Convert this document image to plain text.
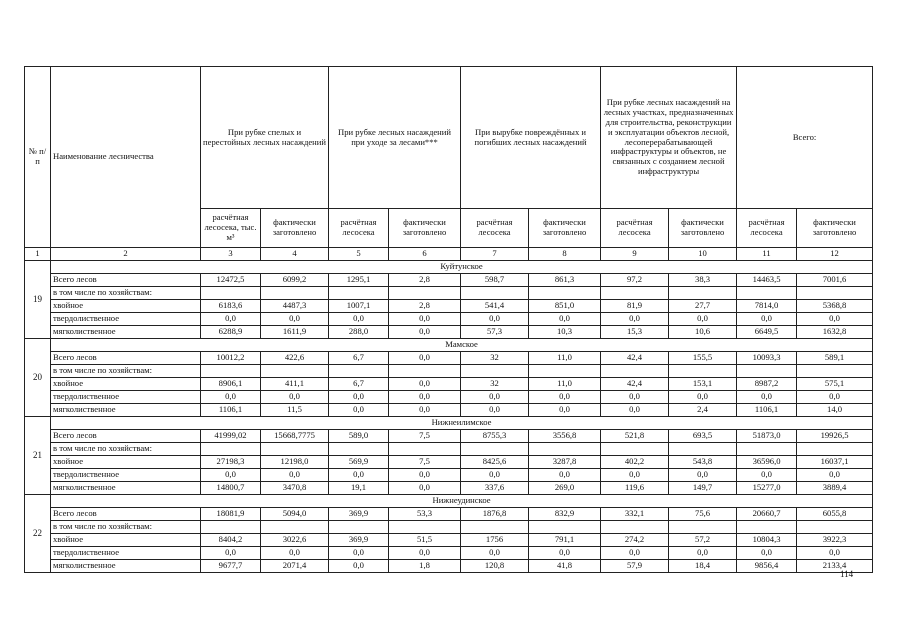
№ п/п	Наименование лесничества	При рубке спелых и перестойных лесных насаждений		При рубке лесных насаждений при уходе за лесами***		При вырубке повреждённых и погибших лесных насаждений		При рубке лесных насаждений на лесных участках, предназначенных для строительства, реконструкции и эксплуатации объектов лесной, лесоперерабатывающей инфраструктуры и объектов, не связанных с созданием лесной инфраструктуры		Всего:	
		расчётная лесосека, тыс. м³	фактически заготовлено	расчётная лесосека	фактически заготовлено	расчётная лесосека	фактически заготовлено	расчётная лесосека	фактически заготовлено	расчётная лесосека	фактически заготовлено
1	2	3	4	5	6	7	8	9	10	11	12
19	Куйтунское										
	Всего лесов	12472,5	6099,2	1295,1	2,8	598,7	861,3	97,2	38,3	14463,5	7001,6
	в том числе по хозяйствам:										
	хвойное	6183,6	4487,3	1007,1	2,8	541,4	851,0	81,9	27,7	7814,0	5368,8
	твердолиственное	0,0	0,0	0,0	0,0	0,0	0,0	0,0	0,0	0,0	0,0
	мягколиственное	6288,9	1611,9	288,0	0,0	57,3	10,3	15,3	10,6	6649,5	1632,8
20	Мамское										
	Всего лесов	10012,2	422,6	6,7	0,0	32	11,0	42,4	155,5	10093,3	589,1
	в том числе по хозяйствам:										
	хвойное	8906,1	411,1	6,7	0,0	32	11,0	42,4	153,1	8987,2	575,1
	твердолиственное	0,0	0,0	0,0	0,0	0,0	0,0	0,0	0,0	0,0	0,0
	мягколиственное	1106,1	11,5	0,0	0,0	0,0	0,0	0,0	2,4	1106,1	14,0
21	Нижнеилимское										
	Всего лесов	41999,02	15668,7775	589,0	7,5	8755,3	3556,8	521,8	693,5	51873,0	19926,5
	в том числе по хозяйствам:										
	хвойное	27198,3	12198,0	569,9	7,5	8425,6	3287,8	402,2	543,8	36596,0	16037,1
	твердолиственное	0,0	0,0	0,0	0,0	0,0	0,0	0,0	0,0	0,0	0,0
	мягколиственное	14800,7	3470,8	19,1	0,0	337,6	269,0	119,6	149,7	15277,0	3889,4
22	Нижнеудинское										
	Всего лесов	18081,9	5094,0	369,9	53,3	1876,8	832,9	332,1	75,6	20660,7	6055,8
	в том числе по хозяйствам:										
	хвойное	8404,2	3022,6	369,9	51,5	1756	791,1	274,2	57,2	10804,3	3922,3
	твердолиственное	0,0	0,0	0,0	0,0	0,0	0,0	0,0	0,0	0,0	0,0
	мягколиственное	9677,7	2071,4	0,0	1,8	120,8	41,8	57,9	18,4	9856,4	2133,4
114
